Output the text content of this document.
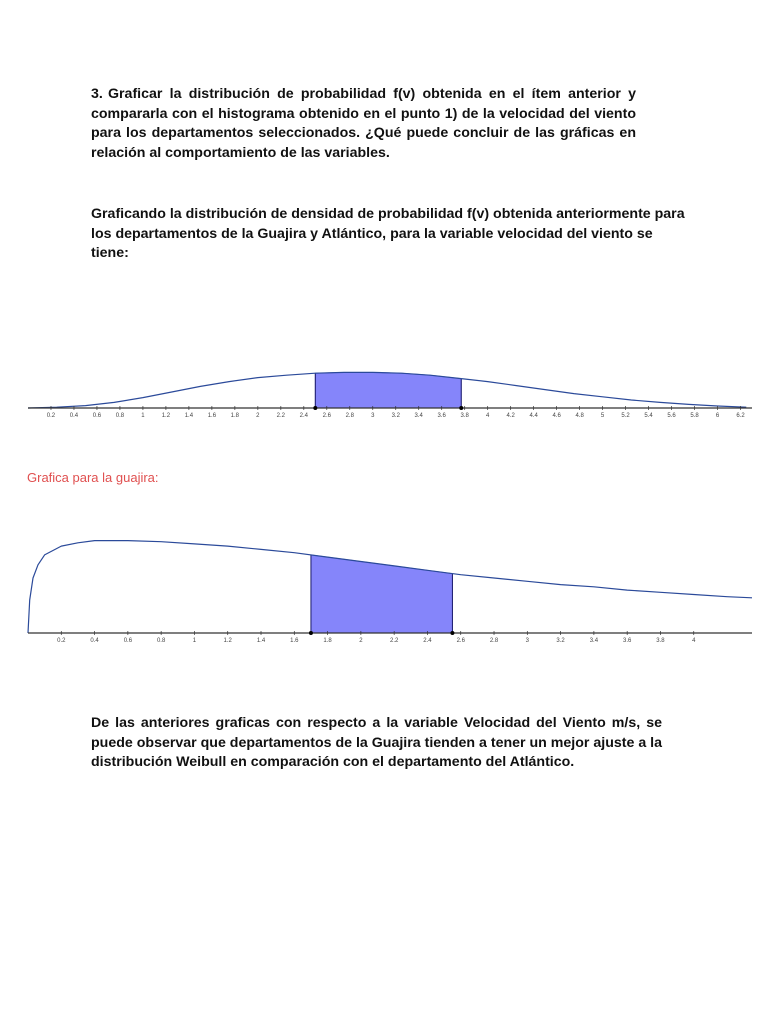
3. Graficar la distribución de probabilidad f(v) obtenida en el ítem anterior y compararla con el histograma obtenido en el punto 1) de la velocidad del viento para los departamentos seleccionados. ¿Qué puede concluir de las gráficas en relación al comportamiento de las variables.

Graficando la distribución de densidad de probabilidad f(v) obtenida anteriormente para los departamentos de la Guajira y Atlántico, para la variable velocidad del viento se tiene:

0.2 0.4 0.6 0.8	1	1.2 1.4 1.6 1.8	2	2.2 2.4 2.6 2.8	3	3.2 3.4 3.6 3.8	4	4.2 4.4 4.6 4.8	5	5.2 5.4 5.6 5.8	6	6.2

Grafica para la guajira:

0.2	0.4	0.6	0.8	1	1.2	1.4	1.6	1.8	2	2.2	2.4	2.6	2.8	3	3.2	3.4	3.6	3.8	4

De las anteriores graficas con respecto a la variable Velocidad del Viento m/s, se puede observar que departamentos de la Guajira tienden a tener un mejor ajuste a la distribución Weibull en comparación con el departamento del Atlántico.
